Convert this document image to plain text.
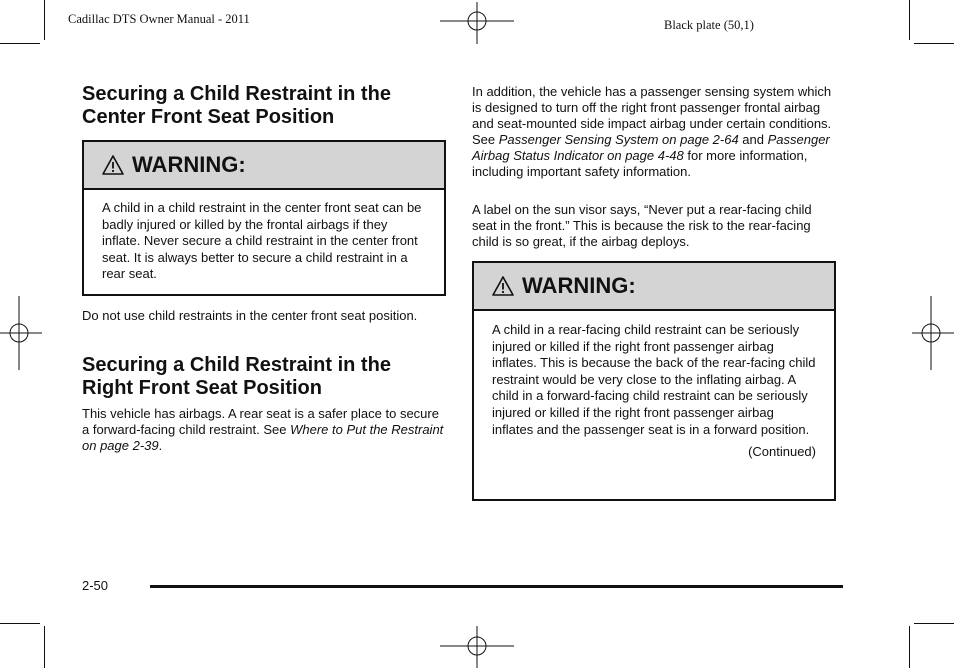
Cadillac DTS Owner Manual - 2011	Black plate (50,1)
Securing a Child Restraint in the Center Front Seat Position
WARNING:
A child in a child restraint in the center front seat can be badly injured or killed by the frontal airbags if they inflate. Never secure a child restraint in the center front seat. It is always better to secure a child restraint in a rear seat.

Do not use child restraints in the center front seat position.

Securing a Child Restraint in the Right Front Seat Position

This vehicle has airbags. A rear seat is a safer place to secure a forward-facing child restraint. See Where to Put the Restraint on page 2-39.

In addition, the vehicle has a passenger sensing system which is designed to turn off the right front passenger frontal airbag and seat-mounted side impact airbag under certain conditions. See Passenger Sensing System on page 2-64 and Passenger Airbag Status Indicator on page 4-48 for more information, including important safety information.

A label on the sun visor says, “Never put a rear-facing child seat in the front.” This is because the risk to the rear-facing child is so great, if the airbag deploys.

WARNING:
A child in a rear-facing child restraint can be seriously injured or killed if the right front passenger airbag inflates. This is because the back of the rear-facing child restraint would be very close to the inflating airbag. A child in a forward-facing child restraint can be seriously injured or killed if the right front passenger airbag inflates and the passenger seat is in a forward position.
(Continued)
2-50
